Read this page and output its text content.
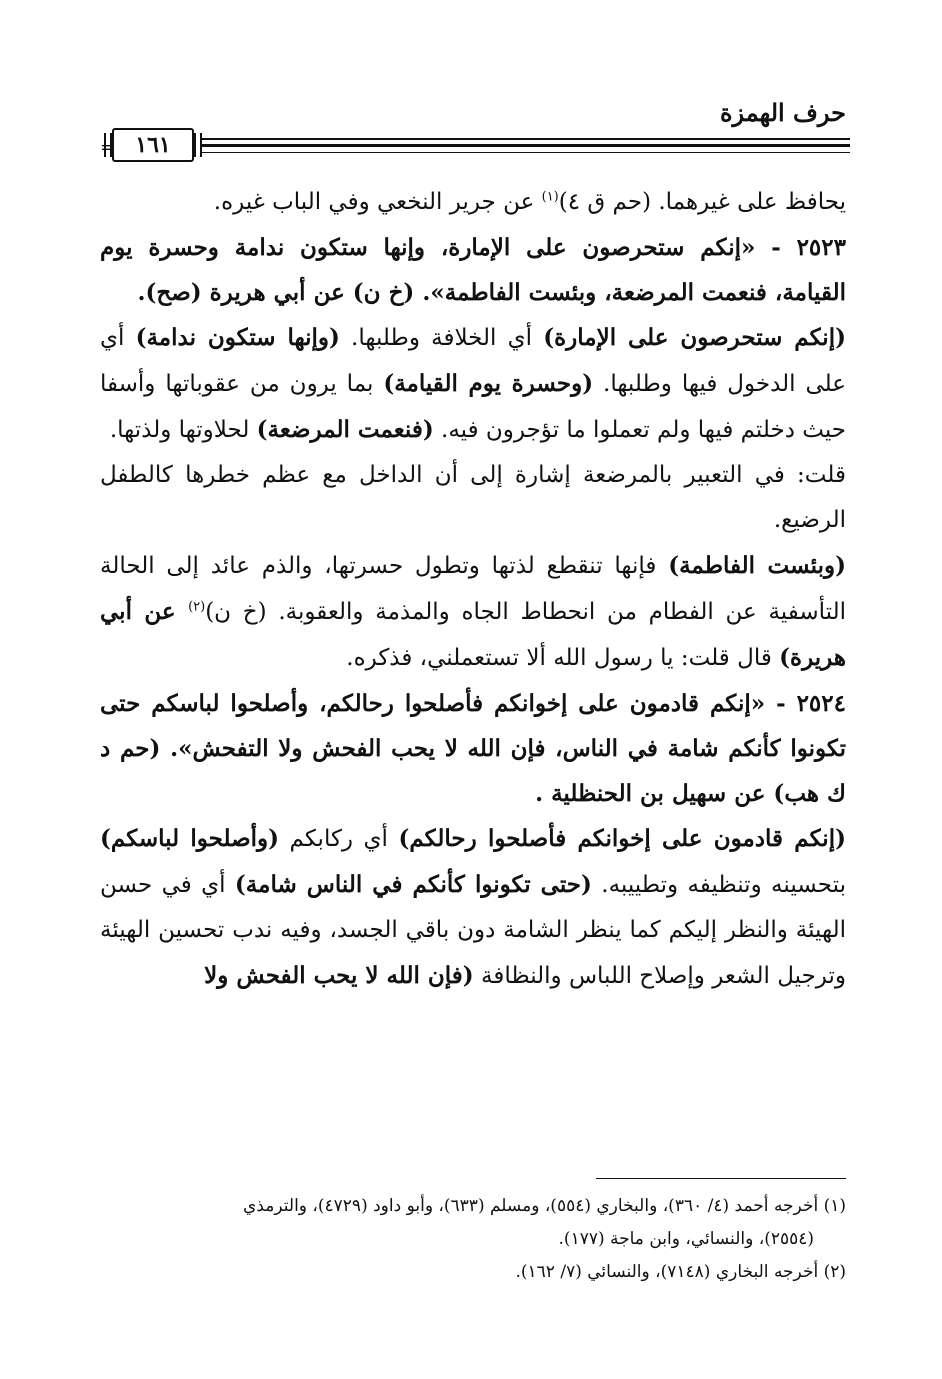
حرف الهمزة
= ١٦١

يحافظ على غيرهما. (حم ق ٤)$^{(١)}$ عن جرير النخعي وفي الباب غيره.

٢٥٢٣ - «إنكم ستحرصون على الإمارة، وإنها ستكون ندامة وحسرة يوم القيامة، فنعمت المرضعة، وبئست الفاطمة». (خ ن) عن أبي هريرة (صح).

(إنكم ستحرصون على الإمارة) أي الخلافة وطلبها. (وإنها ستكون ندامة) أي على الدخول فيها وطلبها. (وحسرة يوم القيامة) بما يرون من عقوباتها وأسفا حيث دخلتم فيها ولم تعملوا ما تؤجرون فيه. (فنعمت المرضعة) لحلاوتها ولذتها.

قلت: في التعبير بالمرضعة إشارة إلى أن الداخل مع عظم خطرها كالطفل الرضيع.

(وبئست الفاطمة) فإنها تنقطع لذتها وتطول حسرتها، والذم عائد إلى الحالة التأسفية عن الفطام من انحطاط الجاه والمذمة والعقوبة. (خ ن)$^{(٢)}$ عن أبي هريرة) قال قلت: يا رسول الله ألا تستعملني، فذكره.

٢٥٢٤ - «إنكم قادمون على إخوانكم فأصلحوا رحالكم، وأصلحوا لباسكم حتى تكونوا كأنكم شامة في الناس، فإن الله لا يحب الفحش ولا التفحش». (حم د ك هب) عن سهيل بن الحنظلية .

(إنكم قادمون على إخوانكم فأصلحوا رحالكم) أي ركابكم (وأصلحوا لباسكم) بتحسينه وتنظيفه وتطييبه. (حتى تكونوا كأنكم في الناس شامة) أي في حسن الهيئة والنظر إليكم كما ينظر الشامة دون باقي الجسد، وفيه ندب تحسين الهيئة وترجيل الشعر وإصلاح اللباس والنظافة (فإن الله لا يحب الفحش ولا

(١) أخرجه أحمد (٤/ ٣٦٠)، والبخاري (٥٥٤)، ومسلم (٦٣٣)، وأبو داود (٤٧٢٩)، والترمذي

(٢٥٥٤)، والنسائي، وابن ماجة (١٧٧).

(٢) أخرجه البخاري (٧١٤٨)، والنسائي (٧/ ١٦٢).
